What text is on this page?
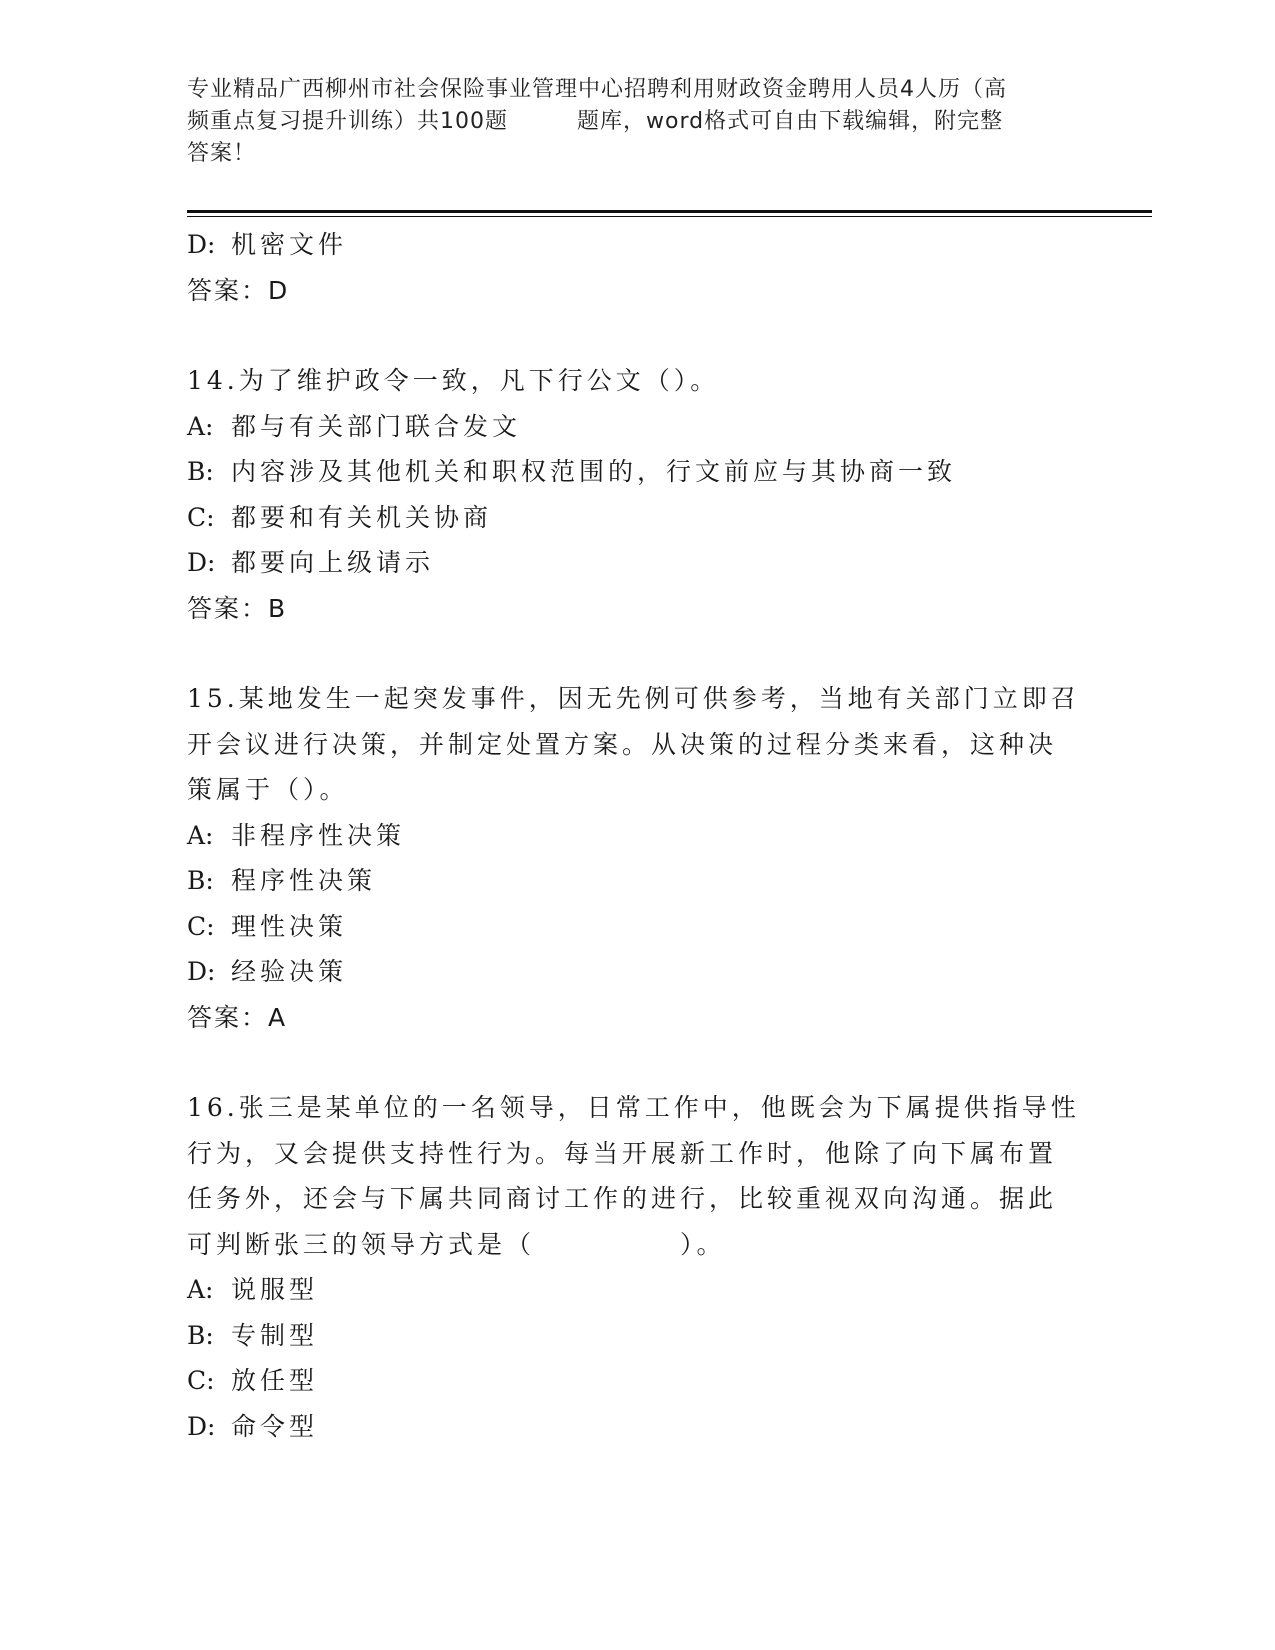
专业精品广西柳州市社会保险事业管理中心招聘利用财政资金聘用人员4人历（高
频重点复习提升训练）共100题　　　题库，word格式可自由下载编辑，附完整
答案！
D: 机密文件
答案：D
14.为了维护政令一致，凡下行公文（）。
A: 都与有关部门联合发文
B: 内容涉及其他机关和职权范围的，行文前应与其协商一致
C: 都要和有关机关协商
D: 都要向上级请示
答案：B
15.某地发生一起突发事件，因无先例可供参考，当地有关部门立即召
开会议进行决策，并制定处置方案。从决策的过程分类来看，这种决
策属于（）。
A: 非程序性决策
B: 程序性决策
C: 理性决策
D: 经验决策
答案：A
16.张三是某单位的一名领导，日常工作中，他既会为下属提供指导性
行为，又会提供支持性行为。每当开展新工作时，他除了向下属布置
任务外，还会与下属共同商讨工作的进行，比较重视双向沟通。据此
可判断张三的领导方式是（　　　　　）。
A: 说服型
B: 专制型
C: 放任型
D: 命令型
